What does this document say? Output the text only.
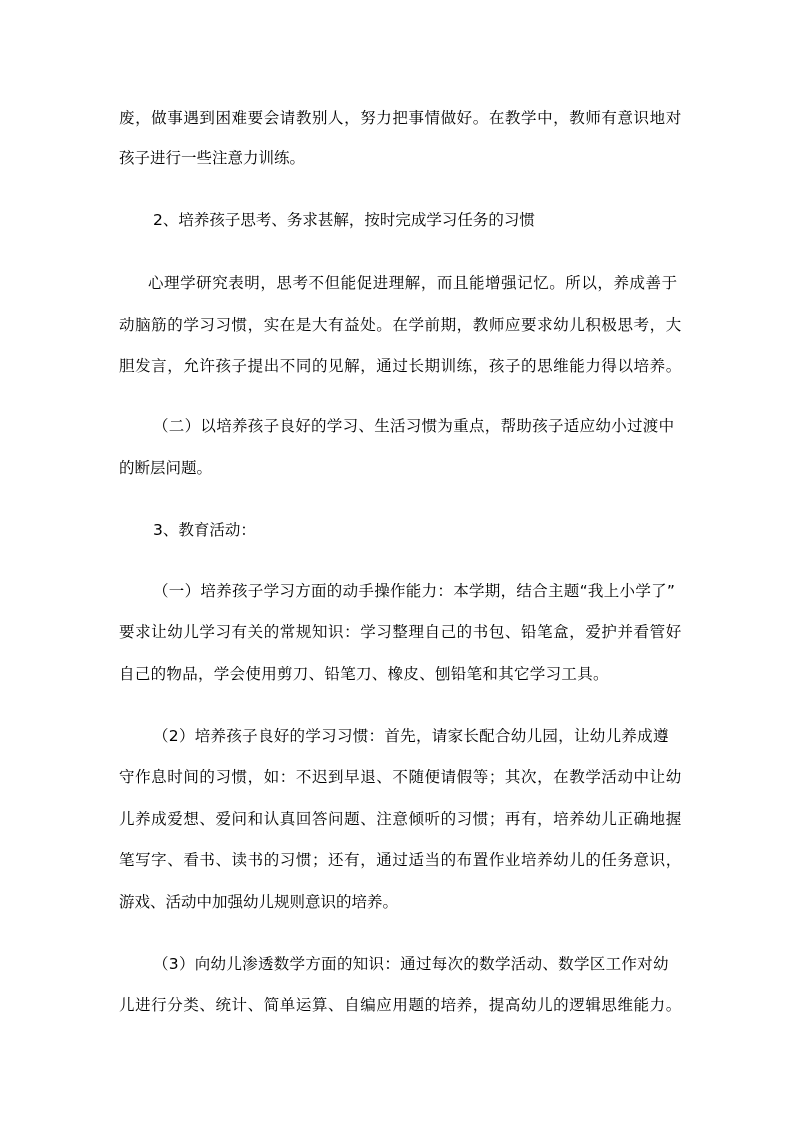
废，做事遇到困难要会请教别人，努力把事情做好。在教学中，教师有意识地对
孩子进行一些注意力训练。
2、培养孩子思考、务求甚解，按时完成学习任务的习惯
心理学研究表明，思考不但能促进理解，而且能增强记忆。所以，养成善于
动脑筋的学习习惯，实在是大有益处。在学前期，教师应要求幼儿积极思考，大
胆发言，允许孩子提出不同的见解，通过长期训练，孩子的思维能力得以培养。
（二）以培养孩子良好的学习、生活习惯为重点，帮助孩子适应幼小过渡中
的断层问题。
3、教育活动：
（一）培养孩子学习方面的动手操作能力：本学期，结合主题“我上小学了”
要求让幼儿学习有关的常规知识：学习整理自己的书包、铅笔盒，爱护并看管好
自己的物品，学会使用剪刀、铅笔刀、橡皮、刨铅笔和其它学习工具。
（2）培养孩子良好的学习习惯：首先，请家长配合幼儿园，让幼儿养成遵
守作息时间的习惯，如：不迟到早退、不随便请假等；其次，在教学活动中让幼
儿养成爱想、爱问和认真回答问题、注意倾听的习惯；再有，培养幼儿正确地握
笔写字、看书、读书的习惯；还有，通过适当的布置作业培养幼儿的任务意识，
游戏、活动中加强幼儿规则意识的培养。
（3）向幼儿渗透数学方面的知识：通过每次的数学活动、数学区工作对幼
儿进行分类、统计、简单运算、自编应用题的培养，提高幼儿的逻辑思维能力。
